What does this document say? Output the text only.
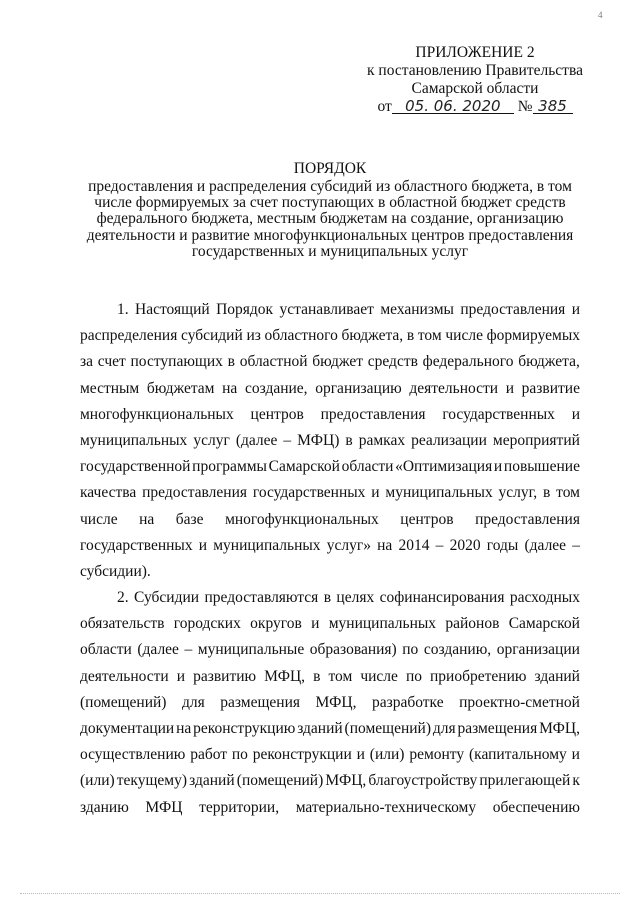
4
ПРИЛОЖЕНИЕ 2
к постановлению Правительства
Самарской области
от 05. 06. 2020 № 385
ПОРЯДОК
предоставления и распределения субсидий из областного бюджета, в том
числе формируемых за счет поступающих в областной бюджет средств
федерального бюджета, местным бюджетам на создание, организацию
деятельности и развитие многофункциональных центров предоставления
государственных и муниципальных услуг
1. Настоящий Порядок устанавливает механизмы предоставления и
распределения субсидий из областного бюджета, в том числе формируемых
за счет поступающих в областной бюджет средств федерального бюджета,
местным бюджетам на создание, организацию деятельности и развитие
многофункциональных центров предоставления государственных и
муниципальных услуг (далее – МФЦ) в рамках реализации мероприятий
государственной программы Самарской области «Оптимизация и повышение
качества предоставления государственных и муниципальных услуг, в том
числе на базе многофункциональных центров предоставления
государственных и муниципальных услуг» на 2014 – 2020 годы (далее –
субсидии).
2. Субсидии предоставляются в целях софинансирования расходных
обязательств городских округов и муниципальных районов Самарской
области (далее – муниципальные образования) по созданию, организации
деятельности и развитию МФЦ, в том числе по приобретению зданий
(помещений) для размещения МФЦ, разработке проектно-сметной
документации на реконструкцию зданий (помещений) для размещения МФЦ,
осуществлению работ по реконструкции и (или) ремонту (капитальному и
(или) текущему) зданий (помещений) МФЦ, благоустройству прилегающей к
зданию МФЦ территории, материально-техническому обеспечению
